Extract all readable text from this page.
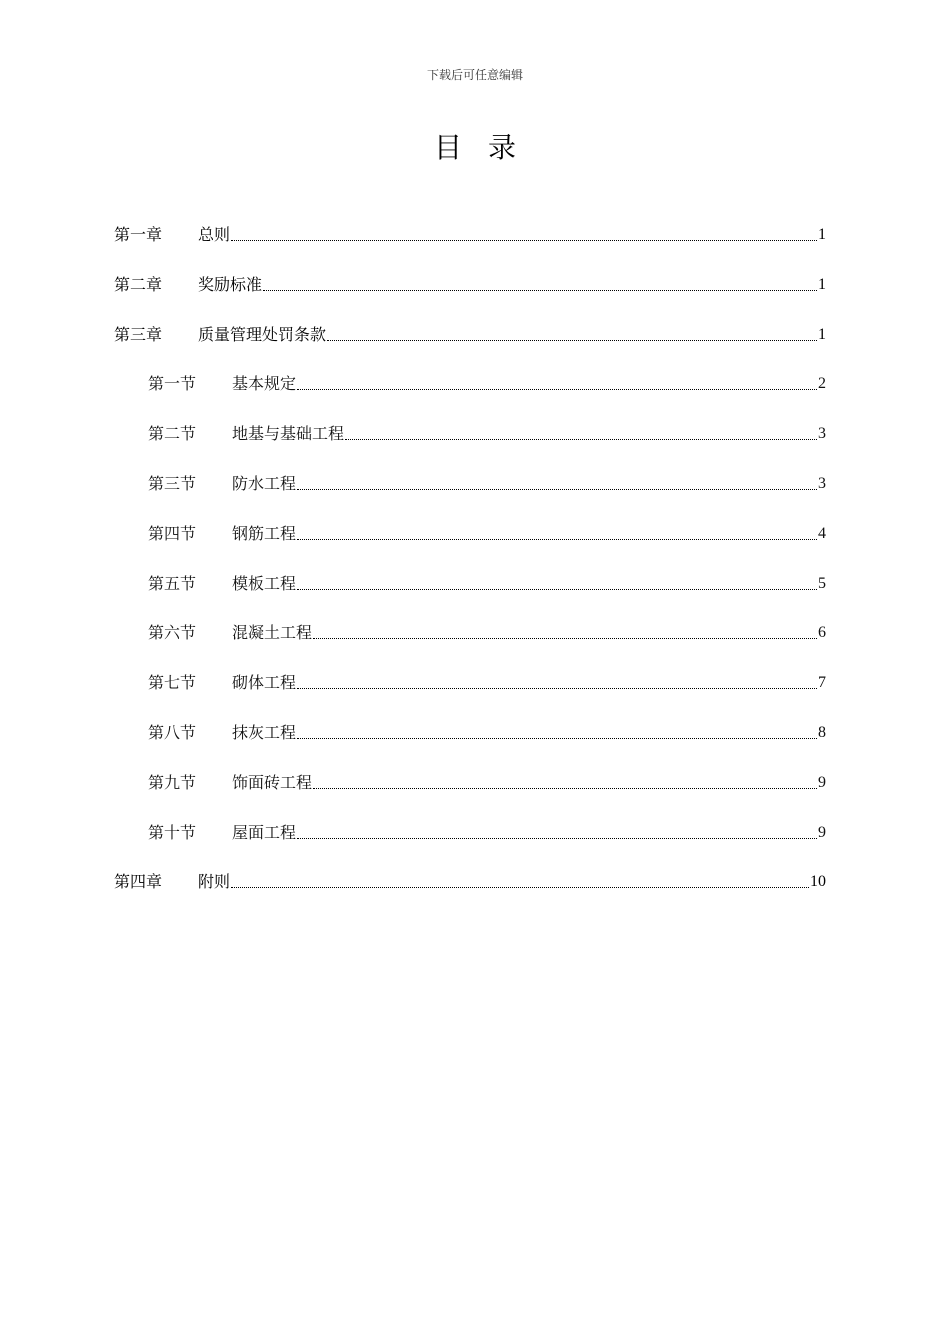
下载后可任意编辑
目录
第一章	总则	1
第二章	奖励标准	1
第三章	质量管理处罚条款	1
第一节	基本规定	2
第二节	地基与基础工程	3
第三节	防水工程	3
第四节	钢筋工程	4
第五节	模板工程	5
第六节	混凝土工程	6
第七节	砌体工程	7
第八节	抹灰工程	8
第九节	饰面砖工程	9
第十节	屋面工程	9
第四章	附则	10
